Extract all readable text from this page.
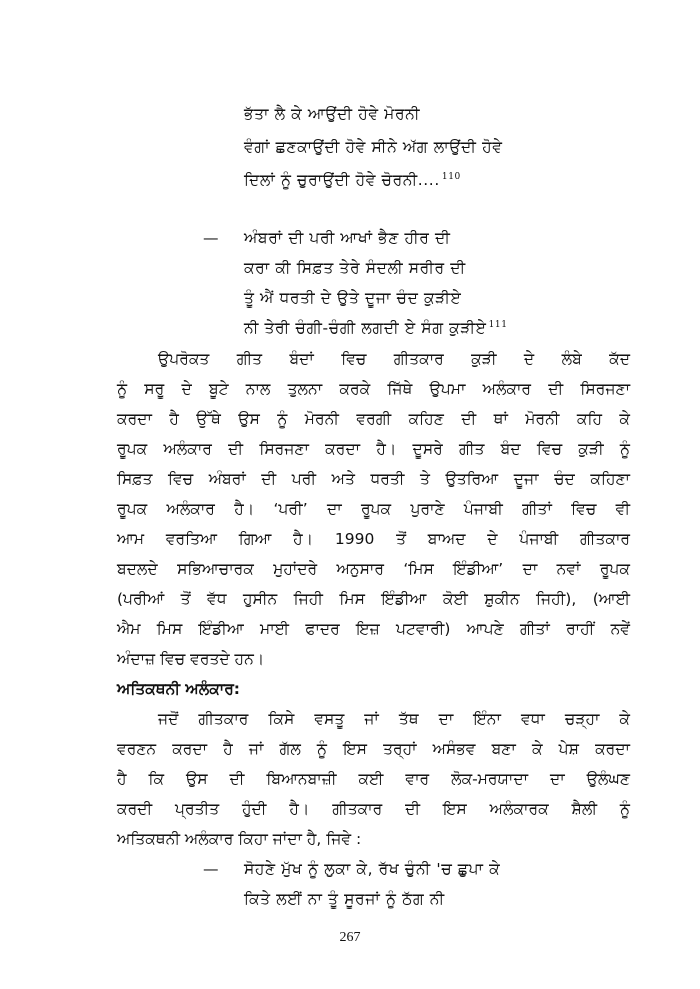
ਭੱਤਾ ਲੈ ਕੇ ਆਉਂਦੀ ਹੋਵੇ ਮੋਰਨੀ
ਵੰਗਾਂ ਛਣਕਾਉਂਦੀ ਹੋਵੇ ਸੀਨੇ ਅੱਗ ਲਾਉਂਦੀ ਹੋਵੇ
ਦਿਲਾਂ ਨੂੰ ਚੁਰਾਉਂਦੀ ਹੋਵੇ ਚੋਰਨੀ.... $^{110}$
— ਅੰਬਰਾਂ ਦੀ ਪਰੀ ਆਖਾਂ ਭੈਣ ਹੀਰ ਦੀ
ਕਰਾ ਕੀ ਸਿਫ਼ਤ ਤੇਰੇ ਸੰਦਲੀ ਸਰੀਰ ਦੀ
ਤੂੰ ਐਂ ਧਰਤੀ ਦੇ ਉਤੇ ਦੂਜਾ ਚੰਦ ਕੁੜੀਏ
ਨੀ ਤੇਰੀ ਚੰਗੀ-ਚੰਗੀ ਲਗਦੀ ਏ ਸੰਗ ਕੁੜੀਏ $^{111}$
ਉਪਰੋਕਤ ਗੀਤ ਬੰਦਾਂ ਵਿਚ ਗੀਤਕਾਰ ਕੁੜੀ ਦੇ ਲੰਬੇ ਕੱਦ
ਨੂੰ ਸਰੂ ਦੇ ਬੂਟੇ ਨਾਲ ਤੁਲਨਾ ਕਰਕੇ ਜਿੱਥੇ ਉਪਮਾ ਅਲੰਕਾਰ ਦੀ ਸਿਰਜਣਾ
ਕਰਦਾ ਹੈ ਉੱਥੇ ਉਸ ਨੂੰ ਮੋਰਨੀ ਵਰਗੀ ਕਹਿਣ ਦੀ ਥਾਂ ਮੋਰਨੀ ਕਹਿ ਕੇ
ਰੂਪਕ ਅਲੰਕਾਰ ਦੀ ਸਿਰਜਣਾ ਕਰਦਾ ਹੈ। ਦੂਸਰੇ ਗੀਤ ਬੰਦ ਵਿਚ ਕੁੜੀ ਨੂੰ
ਸਿਫ਼ਤ ਵਿਚ ਅੰਬਰਾਂ ਦੀ ਪਰੀ ਅਤੇ ਧਰਤੀ ਤੇ ਉਤਰਿਆ ਦੂਜਾ ਚੰਦ ਕਹਿਣਾ
ਰੂਪਕ ਅਲੰਕਾਰ ਹੈ। ‘ਪਰੀ’ ਦਾ ਰੂਪਕ ਪੁਰਾਣੇ ਪੰਜਾਬੀ ਗੀਤਾਂ ਵਿਚ ਵੀ
ਆਮ ਵਰਤਿਆ ਗਿਆ ਹੈ। 1990 ਤੋਂ ਬਾਅਦ ਦੇ ਪੰਜਾਬੀ ਗੀਤਕਾਰ
ਬਦਲਦੇ ਸਭਿਆਚਾਰਕ ਮੁਹਾਂਦਰੇ ਅਨੁਸਾਰ ‘ਮਿਸ ਇੰਡੀਆ’ ਦਾ ਨਵਾਂ ਰੂਪਕ
(ਪਰੀਆਂ ਤੋਂ ਵੱਧ ਹੁਸੀਨ ਜਿਹੀ ਮਿਸ ਇੰਡੀਆ ਕੋਈ ਸ਼ੁਕੀਨ ਜਿਹੀ), (ਆਈ
ਐਮ ਮਿਸ ਇੰਡੀਆ ਮਾਈ ਫਾਦਰ ਇਜ਼ ਪਟਵਾਰੀ) ਆਪਣੇ ਗੀਤਾਂ ਰਾਹੀਂ ਨਵੇਂ
ਅੰਦਾਜ਼ ਵਿਚ ਵਰਤਦੇ ਹਨ।
ਅਤਿਕਥਨੀ ਅਲੰਕਾਰ:
ਜਦੋਂ ਗੀਤਕਾਰ ਕਿਸੇ ਵਸਤੂ ਜਾਂ ਤੱਥ ਦਾ ਇੰਨਾ ਵਧਾ ਚੜ੍ਹਾ ਕੇ
ਵਰਣਨ ਕਰਦਾ ਹੈ ਜਾਂ ਗੱਲ ਨੂੰ ਇਸ ਤਰ੍ਹਾਂ ਅਸੰਭਵ ਬਣਾ ਕੇ ਪੇਸ਼ ਕਰਦਾ
ਹੈ ਕਿ ਉਸ ਦੀ ਬਿਆਨਬਾਜ਼ੀ ਕਈ ਵਾਰ ਲੋਕ-ਮਰਯਾਦਾ ਦਾ ਉਲੰਘਣ
ਕਰਦੀ ਪ੍ਰਤੀਤ ਹੁੰਦੀ ਹੈ। ਗੀਤਕਾਰ ਦੀ ਇਸ ਅਲੰਕਾਰਕ ਸ਼ੈਲੀ ਨੂੰ
ਅਤਿਕਥਨੀ ਅਲੰਕਾਰ ਕਿਹਾ ਜਾਂਦਾ ਹੈ, ਜਿਵੇ :
— ਸੋਹਣੇ ਮੁੱਖ ਨੂੰ ਲੁਕਾ ਕੇ, ਰੱਖ ਚੁੰਨੀ 'ਚ ਛੁਪਾ ਕੇ
ਕਿਤੇ ਲਈਂ ਨਾ ਤੂੰ ਸੂਰਜਾਂ ਨੂੰ ਠੱਗ ਨੀ
267
